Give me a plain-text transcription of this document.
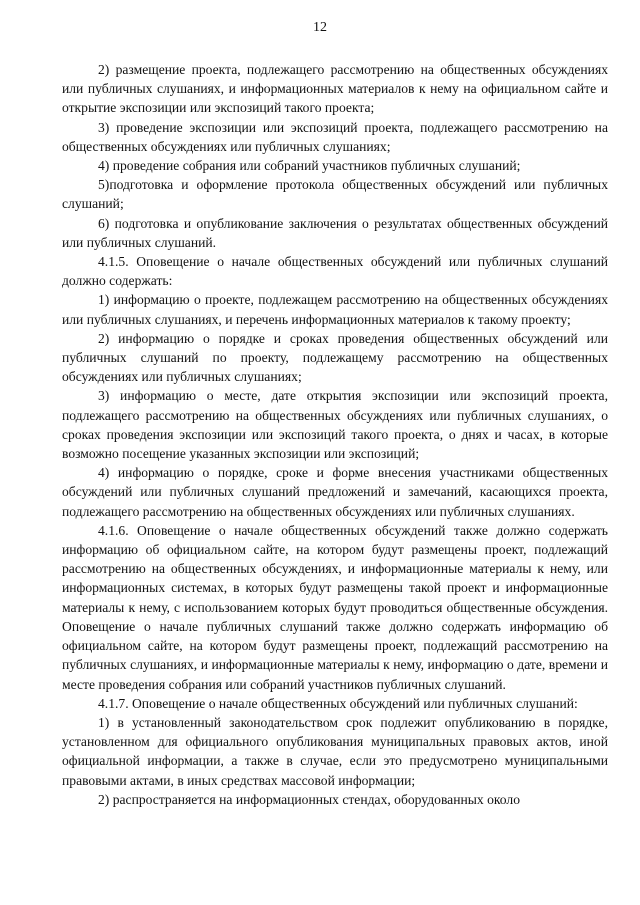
12

2) размещение проекта, подлежащего рассмотрению на общественных обсуждениях или публичных слушаниях, и информационных материалов к нему на официальном сайте и открытие экспозиции или экспозиций такого проекта;

3) проведение экспозиции или экспозиций проекта, подлежащего рассмотрению на общественных обсуждениях или публичных слушаниях;

4) проведение собрания или собраний участников публичных слушаний;

5)подготовка и оформление протокола общественных обсуждений или публичных слушаний;

6) подготовка и опубликование заключения о результатах общественных обсуждений или публичных слушаний.

4.1.5. Оповещение о начале общественных обсуждений или публичных слушаний должно содержать:

1) информацию о проекте, подлежащем рассмотрению на общественных обсуждениях или публичных слушаниях, и перечень информационных материалов к такому проекту;

2) информацию о порядке и сроках проведения общественных обсуждений или публичных слушаний по проекту, подлежащему рассмотрению на общественных обсуждениях или публичных слушаниях;

3) информацию о месте, дате открытия экспозиции или экспозиций проекта, подлежащего рассмотрению на общественных обсуждениях или публичных слушаниях, о сроках проведения экспозиции или экспозиций такого проекта, о днях и часах, в которые возможно посещение указанных экспозиции или экспозиций;

4) информацию о порядке, сроке и форме внесения участниками общественных обсуждений или публичных слушаний предложений и замечаний, касающихся проекта, подлежащего рассмотрению на общественных обсуждениях или публичных слушаниях.

4.1.6. Оповещение о начале общественных обсуждений также должно содержать информацию об официальном сайте, на котором будут размещены проект, подлежащий рассмотрению на общественных обсуждениях, и информационные материалы к нему, или информационных системах, в которых будут размещены такой проект и информационные материалы к нему, с использованием которых будут проводиться общественные обсуждения. Оповещение о начале публичных слушаний также должно содержать информацию об официальном сайте, на котором будут размещены проект, подлежащий рассмотрению на публичных слушаниях, и информационные материалы к нему, информацию о дате, времени и месте проведения собрания или собраний участников публичных слушаний.

4.1.7. Оповещение о начале общественных обсуждений или публичных слушаний:

1) в установленный законодательством срок подлежит опубликованию в порядке, установленном для официального опубликования муниципальных правовых актов, иной официальной информации, а также в случае, если это предусмотрено муниципальными правовыми актами, в иных средствах массовой информации;

2) распространяется на информационных стендах, оборудованных около
